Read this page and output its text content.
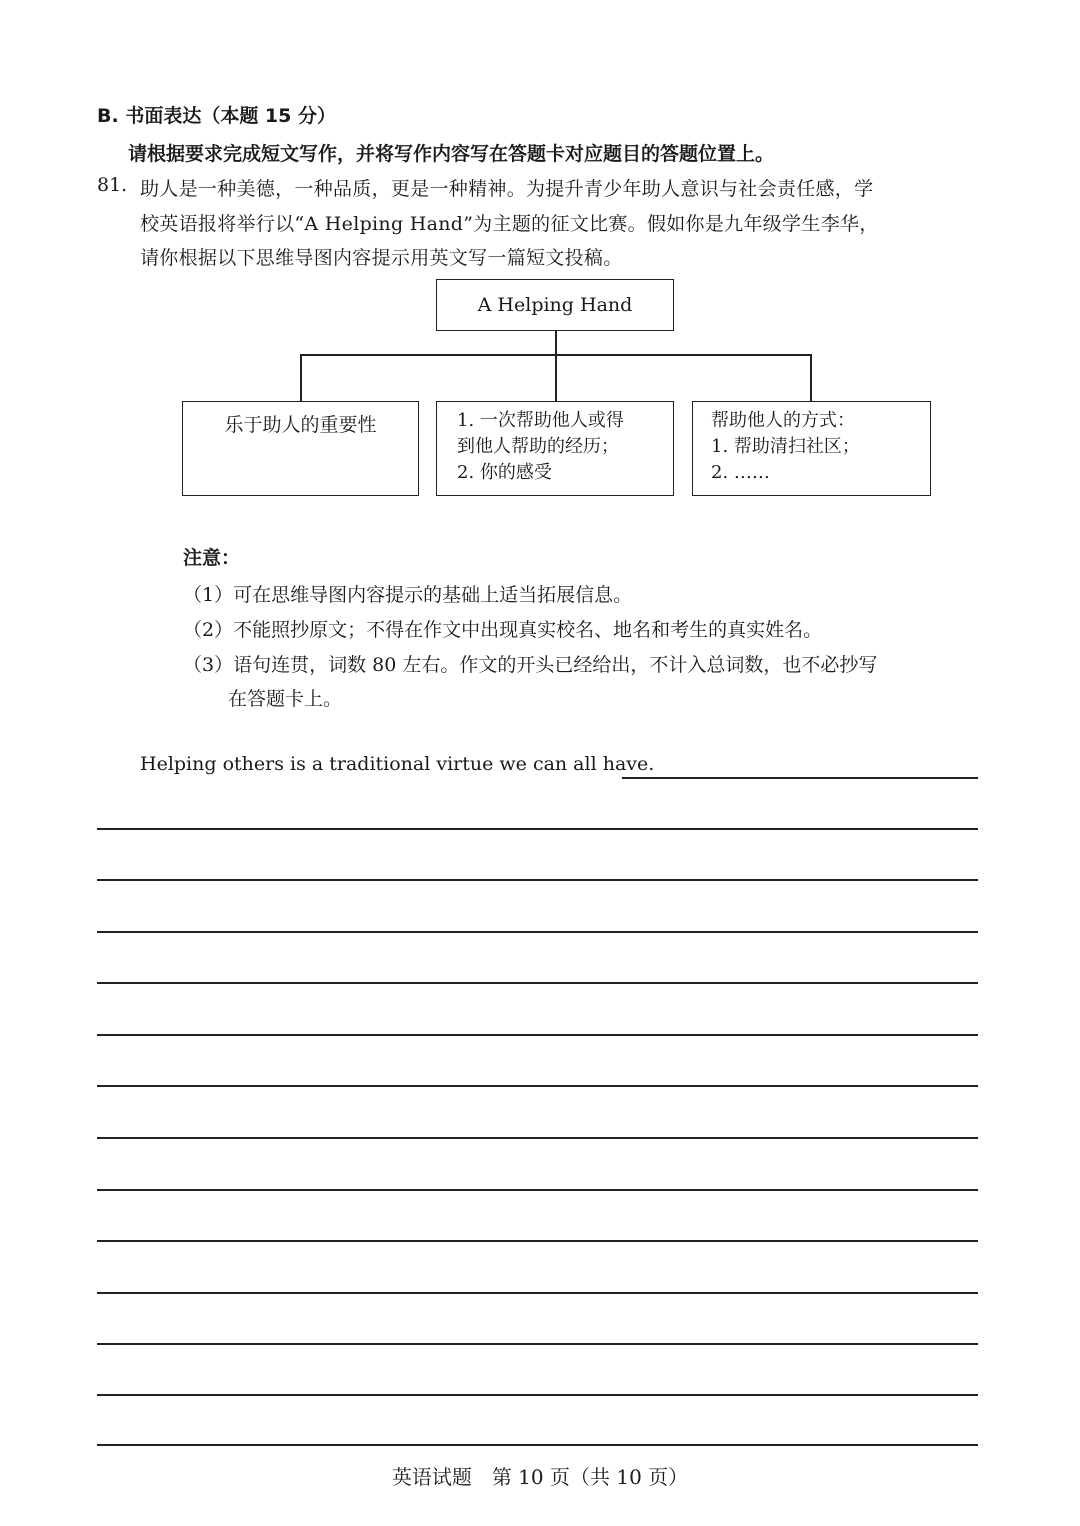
B. 书面表达（本题 15 分）
请根据要求完成短文写作，并将写作内容写在答题卡对应题目的答题位置上。
81. 助人是一种美德，一种品质，更是一种精神。为提升青少年助人意识与社会责任感，学
校英语报将举行以“A Helping Hand”为主题的征文比赛。假如你是九年级学生李华，
请你根据以下思维导图内容提示用英文写一篇短文投稿。
A Helping Hand
乐于助人的重要性	1. 一次帮助他人或得
到他人帮助的经历；
2. 你的感受
帮助他人的方式：
1. 帮助清扫社区；
2. ……
注意：
（1）可在思维导图内容提示的基础上适当拓展信息。
（2）不能照抄原文；不得在作文中出现真实校名、地名和考生的真实姓名。
（3）语句连贯，词数 80 左右。作文的开头已经给出，不计入总词数，也不必抄写
在答题卡上。
Helping others is a traditional virtue we can all have.
英语试题　第 10 页（共 10 页）
